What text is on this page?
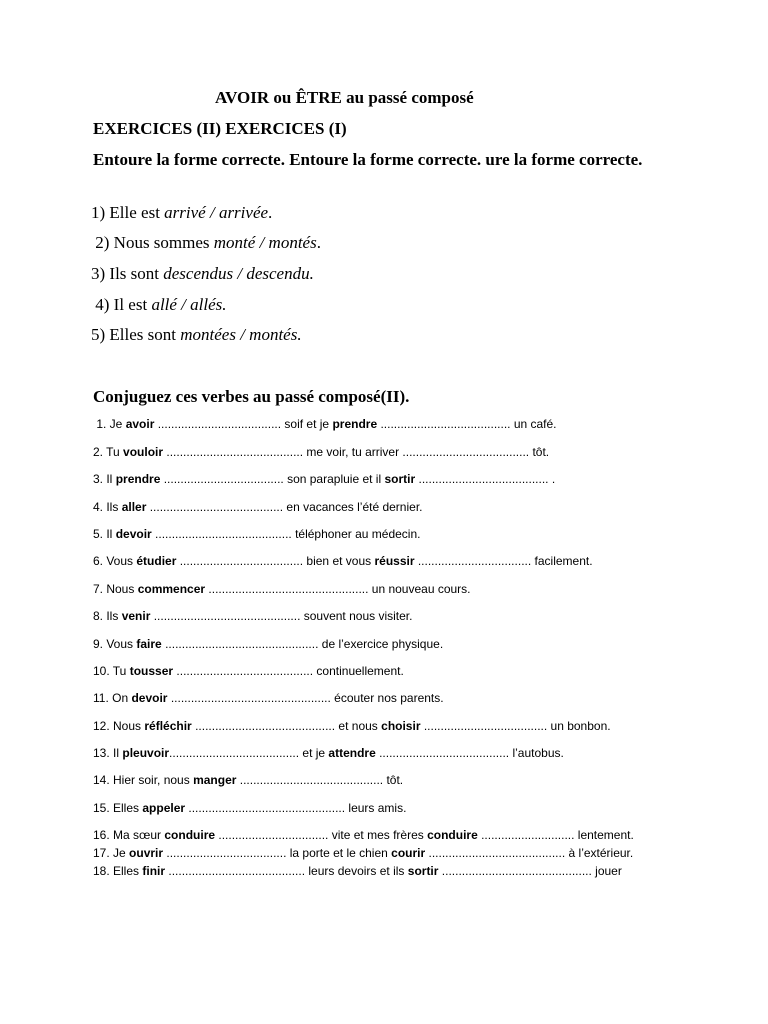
AVOIR ou ÊTRE au passé composé
EXERCICES (II) EXERCICES (I)
Entoure la forme correcte. Entoure la forme correcte. ure la forme correcte.
1) Elle est arrivé / arrivée.
2) Nous sommes monté / montés.
3) Ils sont descendus / descendu.
4) Il est allé / allés.
5) Elles sont montées / montés.
Conjuguez ces verbes au passé composé(II).
1. Je avoir ..................................... soif et je prendre ....................................... un café.
2. Tu vouloir ......................................... me voir, tu arriver ...................................... tôt.
3. Il prendre .................................... son parapluie et il sortir ....................................... .
4. Ils aller ........................................ en vacances l’été dernier.
5. Il devoir ......................................... téléphoner au médecin.
6. Vous étudier ..................................... bien et vous réussir .................................. facilement.
7. Nous commencer ................................................ un nouveau cours.
8. Ils venir ............................................ souvent nous visiter.
9. Vous faire .............................................. de l’exercice physique.
10. Tu tousser ......................................... continuellement.
11. On devoir ................................................ écouter nos parents.
12. Nous réfléchir .......................................... et nous choisir ..................................... un bonbon.
13. Il pleuvoir....................................... et je attendre ....................................... l’autobus.
14. Hier soir, nous manger ........................................... tôt.
15. Elles appeler ............................................... leurs amis.
16. Ma sœur conduire ................................. vite et mes frères conduire ............................ lentement.
17. Je ouvrir .................................... la porte et le chien courir ......................................... à l’extérieur.
18. Elles finir ......................................... leurs devoirs et ils sortir ............................................. jouer
